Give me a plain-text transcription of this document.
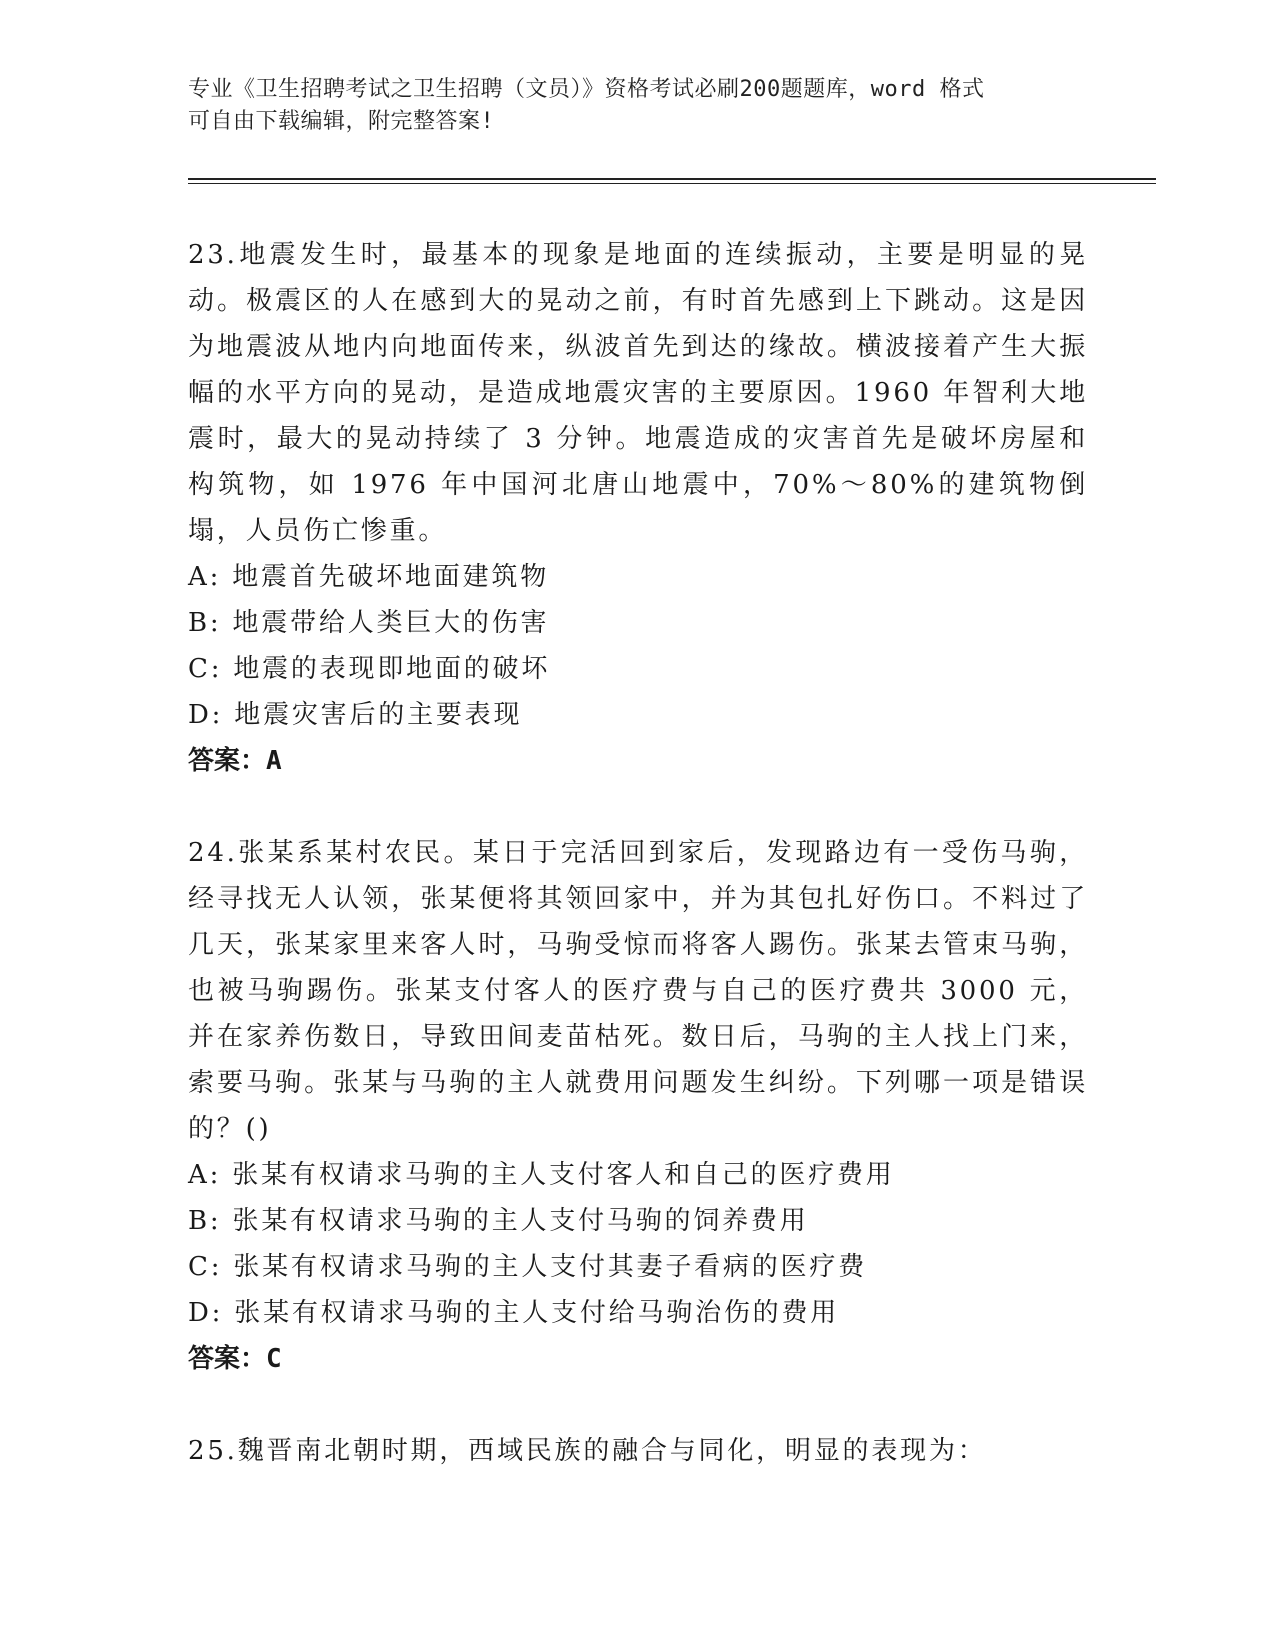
专业《卫生招聘考试之卫生招聘（文员）》资格考试必刷200题题库，word 格式
可自由下载编辑，附完整答案!

23.地震发生时，最基本的现象是地面的连续振动，主要是明显的晃动。极震区的人在感到大的晃动之前，有时首先感到上下跳动。这是因为地震波从地内向地面传来，纵波首先到达的缘故。横波接着产生大振幅的水平方向的晃动，是造成地震灾害的主要原因。1960 年智利大地震时，最大的晃动持续了 3 分钟。地震造成的灾害首先是破坏房屋和构筑物，如 1976 年中国河北唐山地震中，70%～80%的建筑物倒塌，人员伤亡惨重。

A: 地震首先破坏地面建筑物

B: 地震带给人类巨大的伤害

C: 地震的表现即地面的破坏

D: 地震灾害后的主要表现

答案：A

24.张某系某村农民。某日于完活回到家后，发现路边有一受伤马驹，经寻找无人认领，张某便将其领回家中，并为其包扎好伤口。不料过了几天，张某家里来客人时，马驹受惊而将客人踢伤。张某去管束马驹，也被马驹踢伤。张某支付客人的医疗费与自己的医疗费共 3000 元，并在家养伤数日，导致田间麦苗枯死。数日后，马驹的主人找上门来，索要马驹。张某与马驹的主人就费用问题发生纠纷。下列哪一项是错误的？()

A: 张某有权请求马驹的主人支付客人和自己的医疗费用

B: 张某有权请求马驹的主人支付马驹的饲养费用

C: 张某有权请求马驹的主人支付其妻子看病的医疗费

D: 张某有权请求马驹的主人支付给马驹治伤的费用

答案：C

25.魏晋南北朝时期，西域民族的融合与同化，明显的表现为：
